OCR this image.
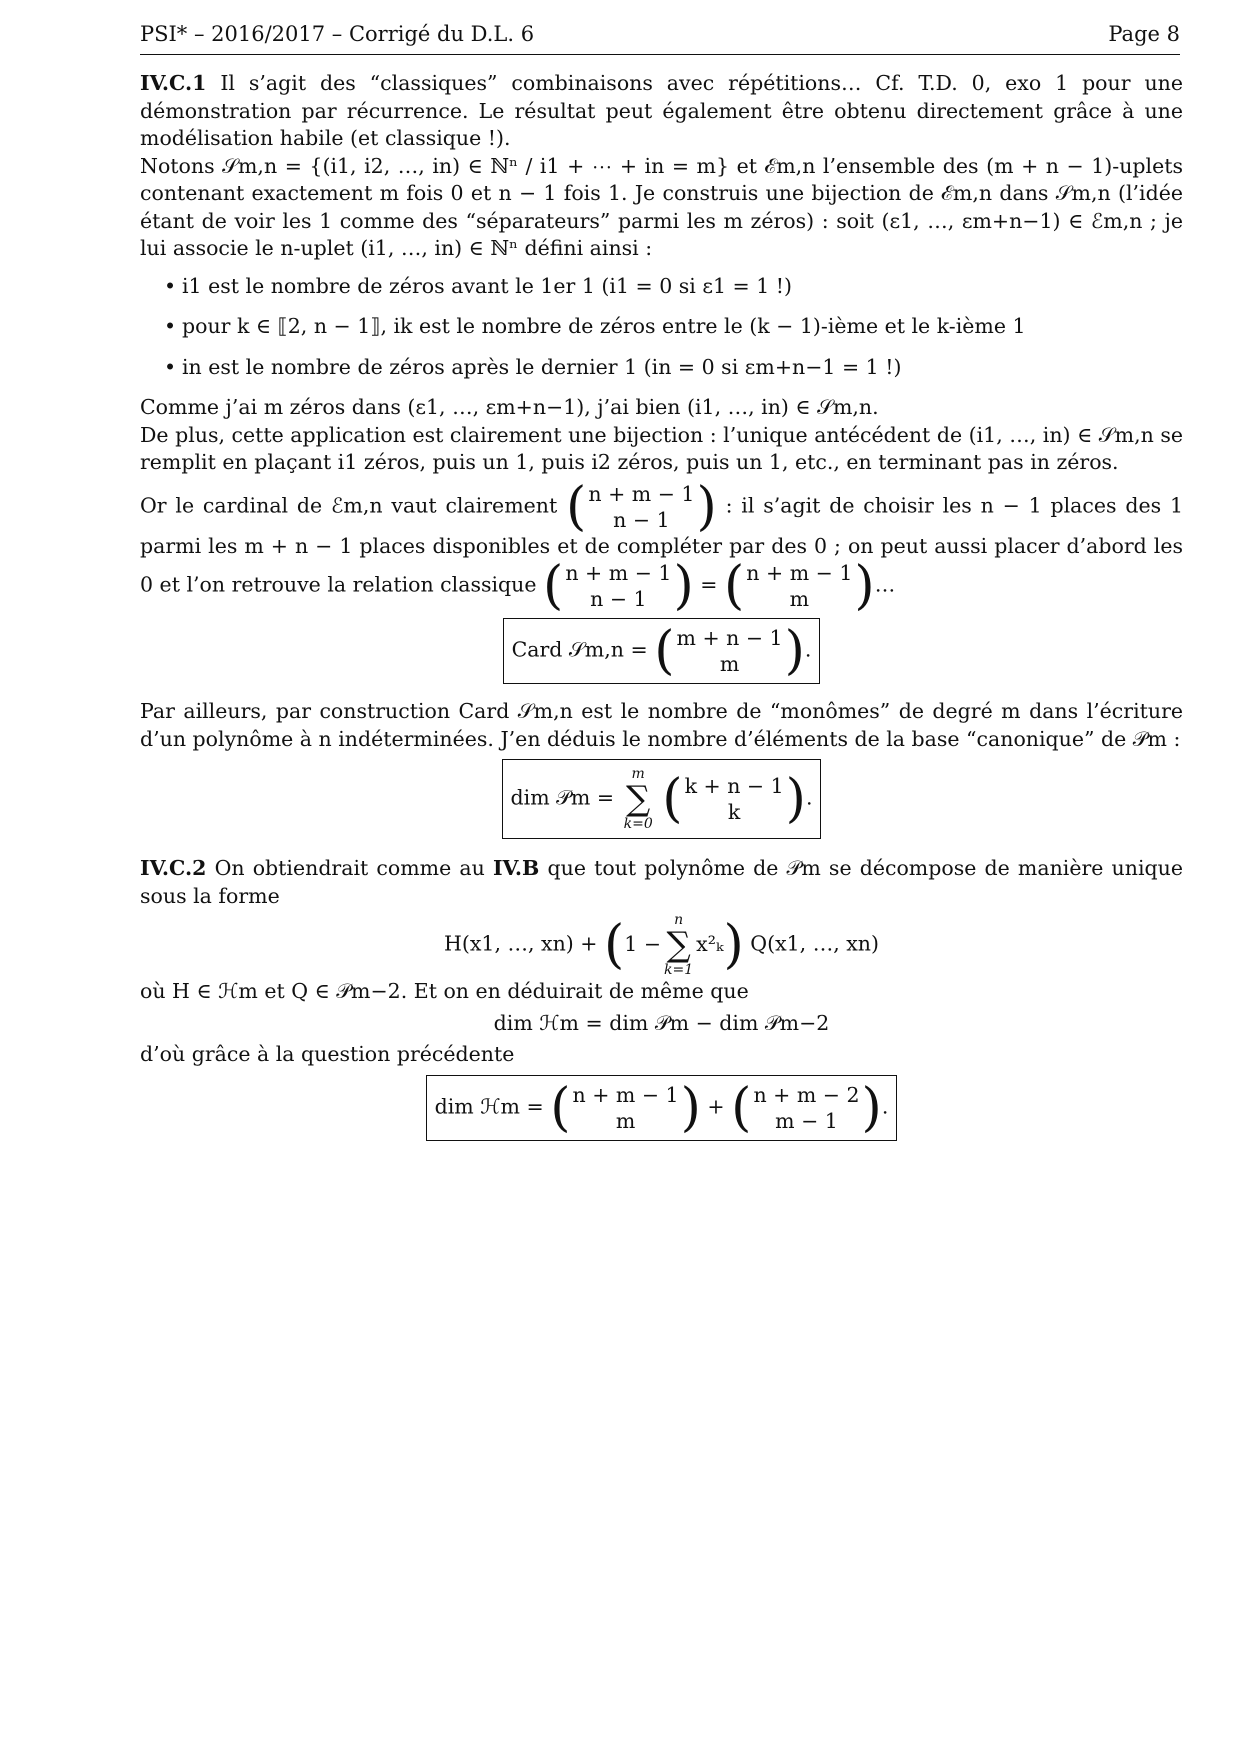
PSI* – 2016/2017 – Corrigé du D.L. 6	Page 8

IV.C.1 Il s’agit des “classiques” combinaisons avec répétitions… Cf. T.D. 0, exo 1 pour une démonstration par récurrence. Le résultat peut également être obtenu directement grâce à une modélisation habile (et classique !).

Notons 𝒮m,n = {(i1, i2, …, in) ∈ ℕⁿ / i1 + ⋯ + in = m} et ℰm,n l’ensemble des (m + n − 1)-uplets contenant exactement m fois 0 et n − 1 fois 1. Je construis une bijection de ℰm,n dans 𝒮m,n (l’idée étant de voir les 1 comme des “séparateurs” parmi les m zéros) : soit (ε1, …, εm+n−1) ∈ ℰm,n ; je lui associe le n-uplet (i1, …, in) ∈ ℕⁿ défini ainsi :

• i1 est le nombre de zéros avant le 1er 1 (i1 = 0 si ε1 = 1 !)
• pour k ∈ ⟦2, n − 1⟧, ik est le nombre de zéros entre le (k − 1)-ième et le k-ième 1
• in est le nombre de zéros après le dernier 1 (in = 0 si εm+n−1 = 1 !)

Comme j’ai m zéros dans (ε1, …, εm+n−1), j’ai bien (i1, …, in) ∈ 𝒮m,n.

De plus, cette application est clairement une bijection : l’unique antécédent de (i1, …, in) ∈ 𝒮m,n se remplit en plaçant i1 zéros, puis un 1, puis i2 zéros, puis un 1, etc., en terminant pas in zéros.

Or le cardinal de ℰm,n vaut clairement ( n + m − 1
n − 1 ) : il s’agit de choisir les n − 1 places des 1 parmi les m + n − 1 places disponibles et de compléter par des 0 ; on peut aussi placer d’abord les 0 et l’on retrouve la relation classique ( n + m − 1
n − 1 ) = ( n + m − 1
m ) …

Card 𝒮m,n = ( m + n − 1
m ) .

Par ailleurs, par construction Card 𝒮m,n est le nombre de “monômes” de degré m dans l’écriture d’un polynôme à n indéterminées. J’en déduis le nombre d’éléments de la base “canonique” de 𝒫m :

dim 𝒫m =
m
∑
k=0
( k + n − 1
k ) .

IV.C.2 On obtiendrait comme au IV.B que tout polynôme de 𝒫m se décompose de manière unique sous la forme

H(x1, …, xn) + ( 1 −
n
∑
k=1
x²ₖ ) Q(x1, …, xn)

où H ∈ ℋm et Q ∈ 𝒫m−2. Et on en déduirait de même que

dim ℋm = dim 𝒫m − dim 𝒫m−2

d’où grâce à la question précédente

dim ℋm = ( n + m − 1
m ) + ( n + m − 2
m − 1 ) .
